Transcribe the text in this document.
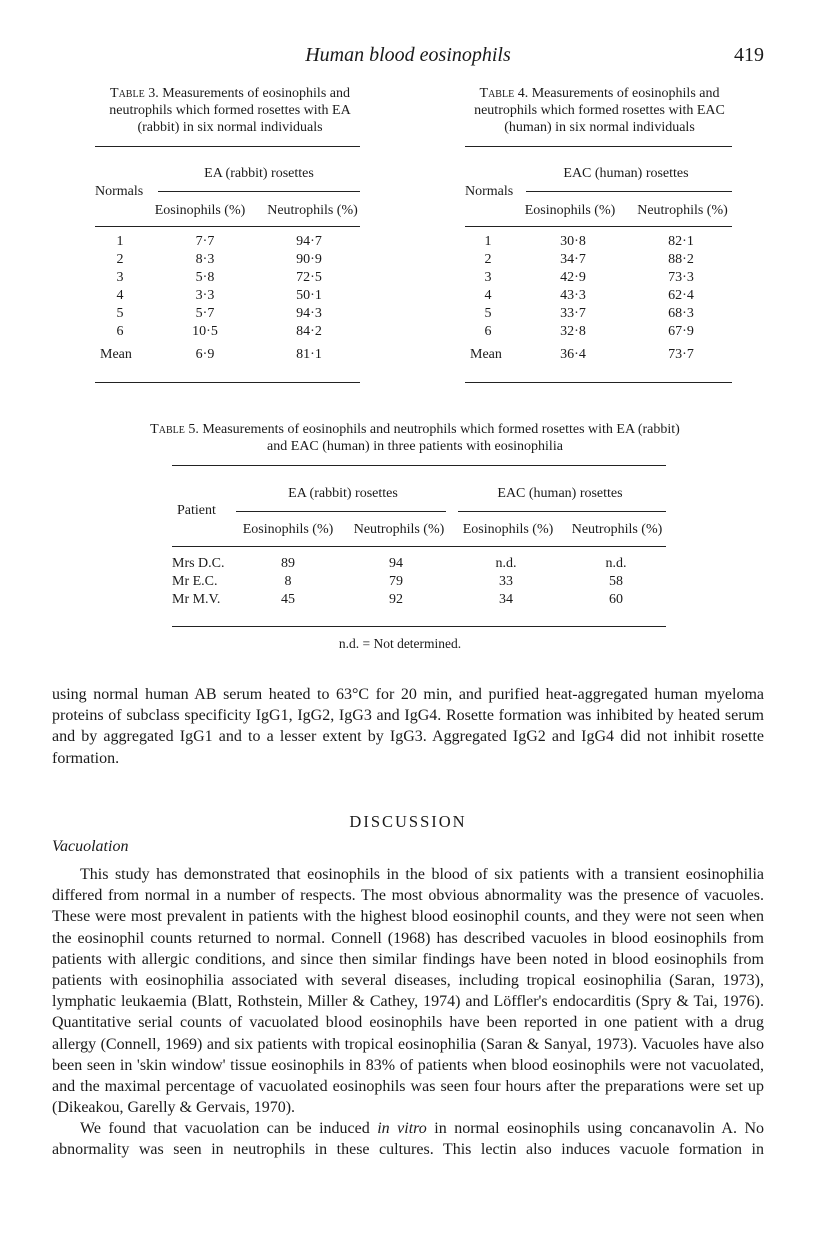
Human blood eosinophils	419
Table 3. Measurements of eosinophils and neutrophils which formed rosettes with EA (rabbit) in six normal individuals
EA (rabbit) rosettes
Normals
Eosinophils (%)	Neutrophils (%)
1	7·7	94·7
2	8·3	90·9
3	5·8	72·5
4	3·3	50·1
5	5·7	94·3
6	10·5	84·2
Mean	6·9	81·1
Table 4. Measurements of eosinophils and neutrophils which formed rosettes with EAC (human) in six normal individuals
EAC (human) rosettes
Normals
Eosinophils (%)	Neutrophils (%)
1	30·8	82·1
2	34·7	88·2
3	42·9	73·3
4	43·3	62·4
5	33·7	68·3
6	32·8	67·9
Mean	36·4	73·7
Table 5. Measurements of eosinophils and neutrophils which formed rosettes with EA (rabbit) and EAC (human) in three patients with eosinophilia
EA (rabbit) rosettes	EAC (human) rosettes
Patient
Eosinophils (%)	Neutrophils (%)	Eosinophils (%)	Neutrophils (%)
Mrs D.C.	89	94	n.d.	n.d.
Mr E.C.	8	79	33	58
Mr M.V.	45	92	34	60
n.d. = Not determined.

using normal human AB serum heated to 63°C for 20 min, and purified heat-aggregated human myeloma proteins of subclass specificity IgG1, IgG2, IgG3 and IgG4. Rosette formation was inhibited by heated serum and by aggregated IgG1 and to a lesser extent by IgG3. Aggregated IgG2 and IgG4 did not inhibit rosette formation.

DISCUSSION
Vacuolation

This study has demonstrated that eosinophils in the blood of six patients with a transient eosinophilia differed from normal in a number of respects. The most obvious abnormality was the presence of vacuoles. These were most prevalent in patients with the highest blood eosinophil counts, and they were not seen when the eosinophil counts returned to normal. Connell (1968) has described vacuoles in blood eosinophils from patients with allergic conditions, and since then similar findings have been noted in blood eosinophils from patients with eosinophilia associated with several diseases, including tropical eosinophilia (Saran, 1973), lymphatic leukaemia (Blatt, Rothstein, Miller & Cathey, 1974) and Löffler's endocarditis (Spry & Tai, 1976). Quantitative serial counts of vacuolated blood eosinophils have been reported in one patient with a drug allergy (Connell, 1969) and six patients with tropical eosinophilia (Saran & Sanyal, 1973). Vacuoles have also been seen in 'skin window' tissue eosinophils in 83% of patients when blood eosinophils were not vacuolated, and the maximal percentage of vacuolated eosinophils was seen four hours after the preparations were set up (Dikeakou, Garelly & Gervais, 1970).

We found that vacuolation can be induced in vitro in normal eosinophils using concanavolin A. No abnormality was seen in neutrophils in these cultures. This lectin also induces vacuole formation in
